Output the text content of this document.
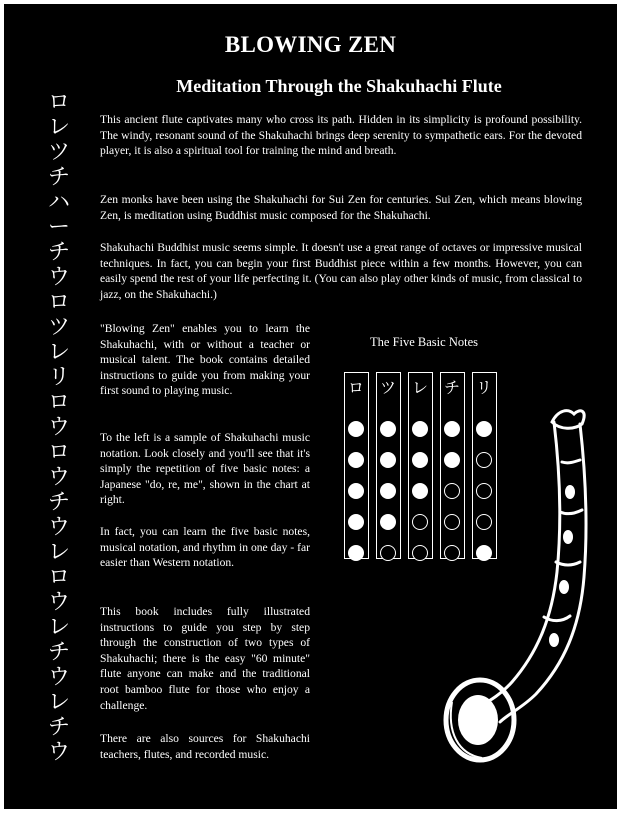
BLOWING ZEN
Meditation Through the Shakuhachi Flute
ロ
レ
ツ
チ
ハ
ー
チ
ウ
ロ
ツ
レ
リ
ロ
ウ
ロ
ウ
チ
ウ
レ
ロ
ウ
レ
チ
ウ
レ
チ
ウ

This ancient flute captivates many who cross its path. Hidden in its simplicity is profound possibility. The windy, resonant sound of the Shakuhachi brings deep serenity to sympathetic ears. For the devoted player, it is also a spiritual tool for training the mind and breath.

Zen monks have been using the Shakuhachi for Sui Zen for centuries. Sui Zen, which means blowing Zen, is meditation using Buddhist music composed for the Shakuhachi.

Shakuhachi Buddhist music seems simple. It doesn't use a great range of octaves or impressive musical techniques. In fact, you can begin your first Buddhist piece within a few months. However, you can easily spend the rest of your life perfecting it. (You can also play other kinds of music, from classical to jazz, on the Shakuhachi.)

"Blowing Zen" enables you to learn the Shakuhachi, with or without a teacher or musical talent. The book contains detailed instructions to guide you from making your first sound to playing music.

To the left is a sample of Shakuhachi music notation. Look closely and you'll see that it's simply the repetition of five basic notes: a Japanese "do, re, me", shown in the chart at right.

In fact, you can learn the five basic notes, musical notation, and rhythm in one day - far easier than Western notation.

This book includes fully illustrated instructions to guide you step by step through the construction of two types of Shakuhachi; there is the easy "60 minute" flute anyone can make and the traditional root bamboo flute for those who enjoy a challenge.

There are also sources for Shakuhachi teachers, flutes, and recorded music.

The Five Basic Notes
ロ ツ レ チ リ
